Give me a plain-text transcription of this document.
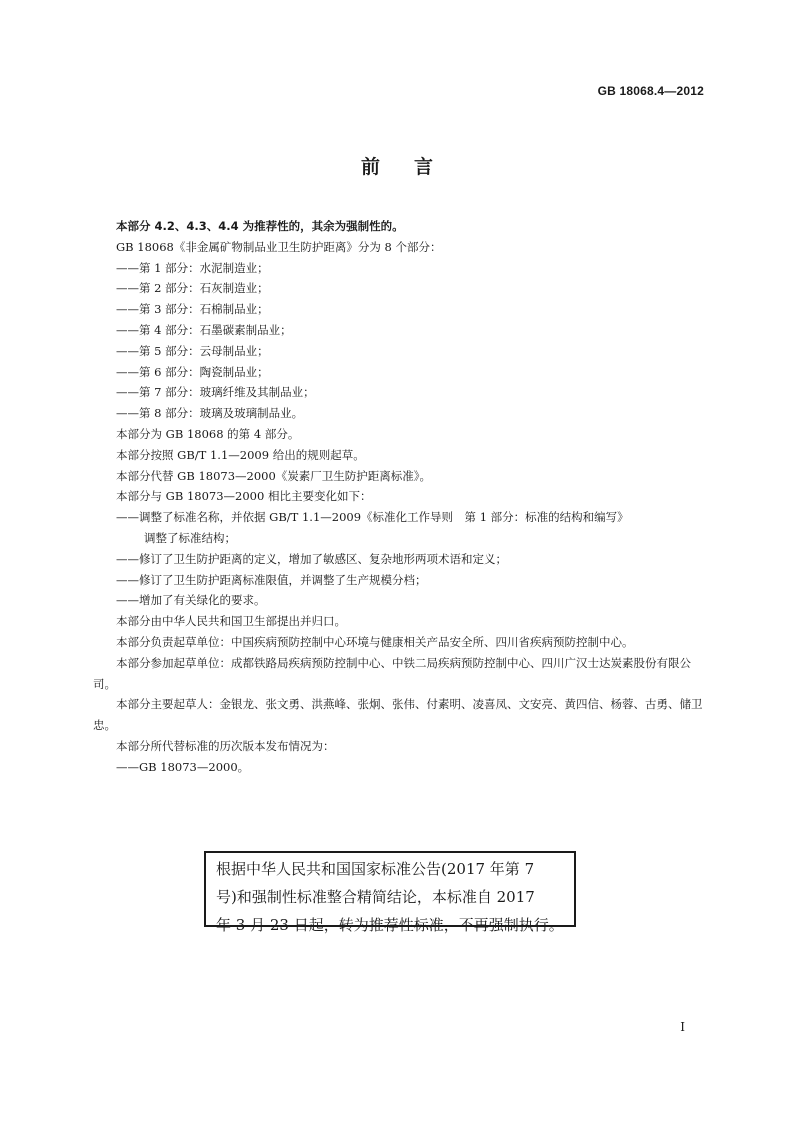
GB 18068.4—2012
前言

本部分 4.2、4.3、4.4 为推荐性的，其余为强制性的。

GB 18068《非金属矿物制品业卫生防护距离》分为 8 个部分：

——第 1 部分：水泥制造业；

——第 2 部分：石灰制造业；

——第 3 部分：石棉制品业；

——第 4 部分：石墨碳素制品业；

——第 5 部分：云母制品业；

——第 6 部分：陶瓷制品业；

——第 7 部分：玻璃纤维及其制品业；

——第 8 部分：玻璃及玻璃制品业。

本部分为 GB 18068 的第 4 部分。

本部分按照 GB/T 1.1—2009 给出的规则起草。

本部分代替 GB 18073—2000《炭素厂卫生防护距离标准》。

本部分与 GB 18073—2000 相比主要变化如下：

——调整了标准名称，并依据 GB/T 1.1—2009《标准化工作导则　第 1 部分：标准的结构和编写》

调整了标准结构；

——修订了卫生防护距离的定义，增加了敏感区、复杂地形两项术语和定义；

——修订了卫生防护距离标准限值，并调整了生产规模分档；

——增加了有关绿化的要求。

本部分由中华人民共和国卫生部提出并归口。

本部分负责起草单位：中国疾病预防控制中心环境与健康相关产品安全所、四川省疾病预防控制中心。

本部分参加起草单位：成都铁路局疾病预防控制中心、中铁二局疾病预防控制中心、四川广汉士达炭素股份有限公司。

本部分主要起草人：金银龙、张文勇、洪燕峰、张炯、张伟、付素明、凌喜凤、文安亮、黄四信、杨蓉、古勇、储卫忠。

本部分所代替标准的历次版本发布情况为：

——GB 18073—2000。

根据中华人民共和国国家标准公告(2017 年第 7
号)和强制性标准整合精简结论，本标准自 2017
年 3 月 23 日起，转为推荐性标准，不再强制执行。
I
